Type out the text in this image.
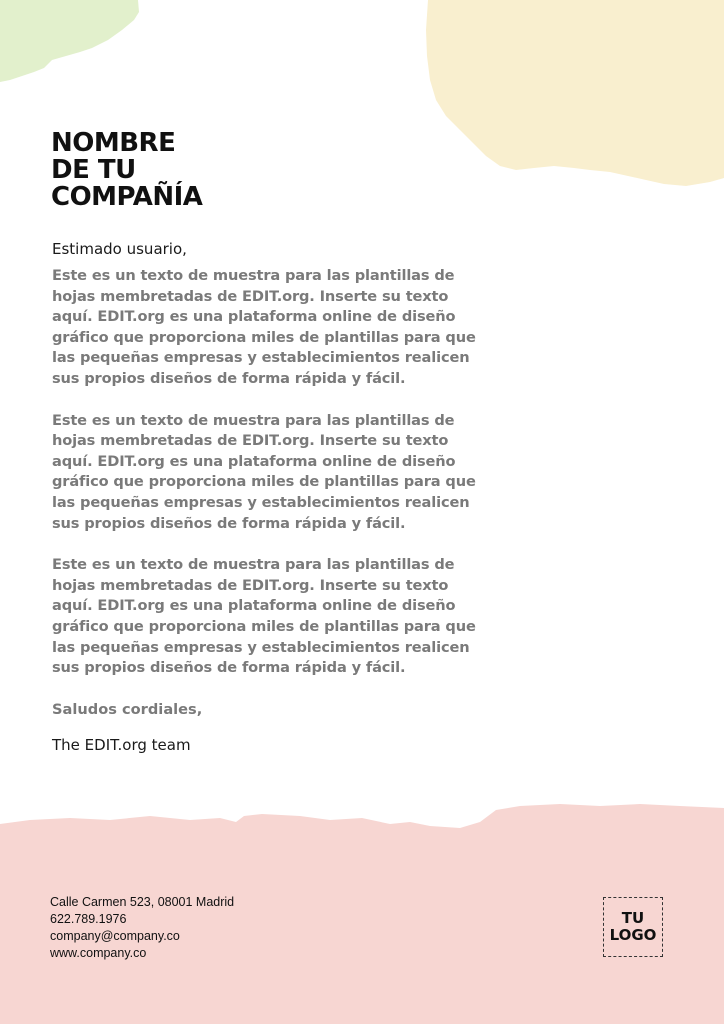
NOMBRE
DE TU
COMPAÑÍA

Estimado usuario,

Este es un texto de muestra para las plantillas de hojas membretadas de EDIT.org. Inserte su texto aquí. EDIT.org es una plataforma online de diseño gráfico que proporciona miles de plantillas para que las pequeñas empresas y establecimientos realicen sus propios diseños de forma rápida y fácil.

Este es un texto de muestra para las plantillas de hojas membretadas de EDIT.org. Inserte su texto aquí. EDIT.org es una plataforma online de diseño gráfico que proporciona miles de plantillas para que las pequeñas empresas y establecimientos realicen sus propios diseños de forma rápida y fácil.

Este es un texto de muestra para las plantillas de hojas membretadas de EDIT.org. Inserte su texto aquí. EDIT.org es una plataforma online de diseño gráfico que proporciona miles de plantillas para que las pequeñas empresas y establecimientos realicen sus propios diseños de forma rápida y fácil.

Saludos cordiales,

The EDIT.org team

Calle Carmen 523, 08001 Madrid
622.789.1976
company@company.co
www.company.co
TU
LOGO
